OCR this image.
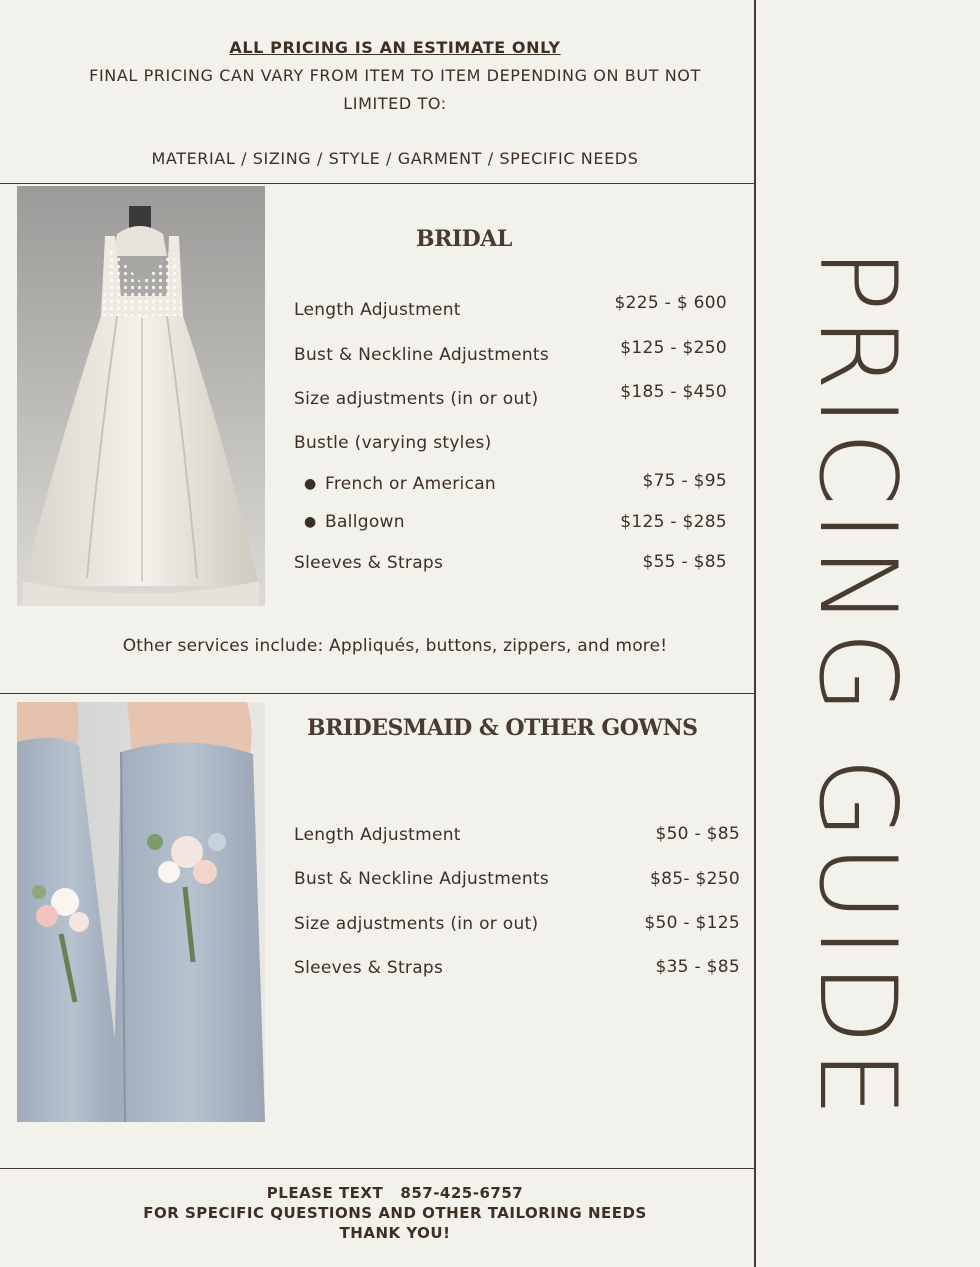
ALL PRICING IS AN ESTIMATE ONLY
FINAL PRICING CAN VARY FROM ITEM TO ITEM DEPENDING ON BUT NOT
LIMITED TO:
MATERIAL / SIZING / STYLE / GARMENT / SPECIFIC NEEDS
BRIDAL
Length Adjustment	$225 - $ 600
Bust & Neckline Adjustments	$125 - $250
Size adjustments (in or out)	$185 - $450
Bustle (varying styles)
● French or American	$75 - $95
● Ballgown	$125 - $285
Sleeves & Straps	$55 - $85
Other services include: Appliqués, buttons, zippers, and more!
BRIDESMAID & OTHER GOWNS
Length Adjustment	$50 - $85
Bust & Neckline Adjustments	$85- $250
Size adjustments (in or out)	$50 - $125
Sleeves & Straps	$35 - $85 PRICING GUIDE
PLEASE TEXT   857-425-6757
FOR SPECIFIC QUESTIONS AND OTHER TAILORING NEEDS
THANK YOU!
